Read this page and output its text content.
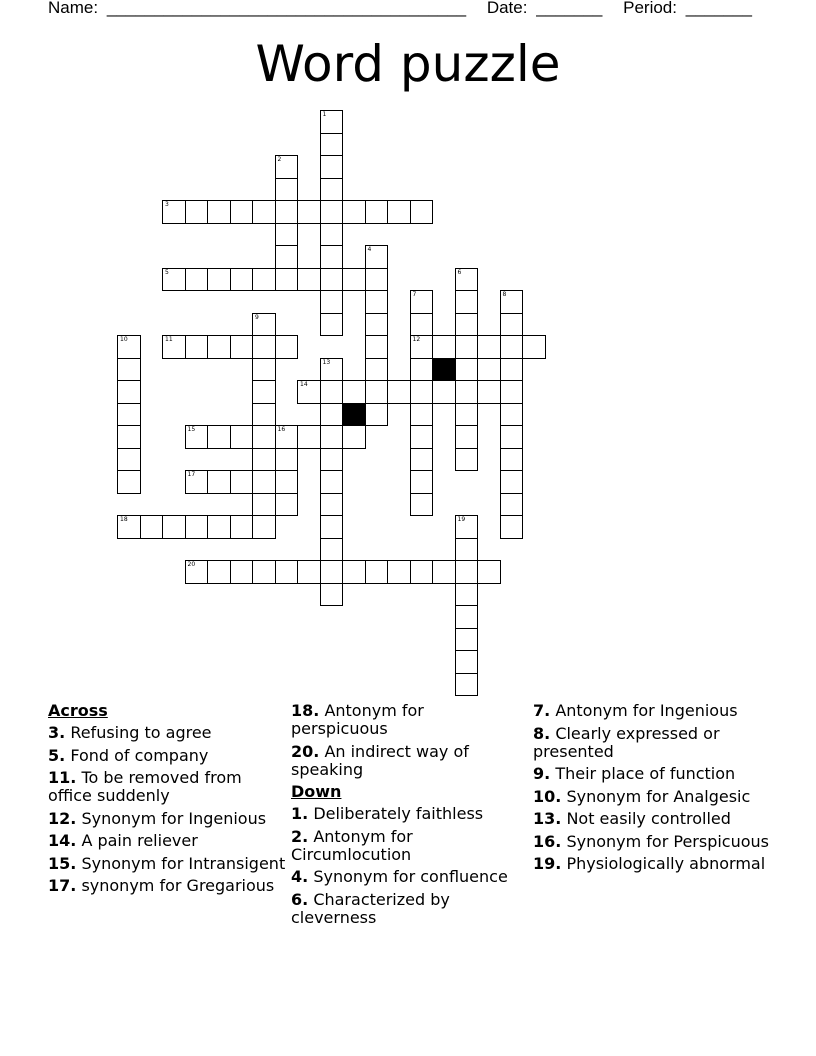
Name: ______________________________________ Date: _______ Period: _______
Word puzzle
1
2
3
4
5	6
7
12
8
9
10	11
13
14
15	16
17
18	19
20
Across
3. Refusing to agree
5. Fond of company
11. To be removed from office suddenly
12. Synonym for Ingenious
14. A pain reliever
15. Synonym for Intransigent
17. synonym for Gregarious
18. Antonym for perspicuous
20. An indirect way of speaking
Down
1. Deliberately faithless
2. Antonym for Circumlocution
4. Synonym for confluence
6. Characterized by cleverness
7. Antonym for Ingenious
8. Clearly expressed or presented
9. Their place of function
10. Synonym for Analgesic
13. Not easily controlled
16. Synonym for Perspicuous
19. Physiologically abnormal
